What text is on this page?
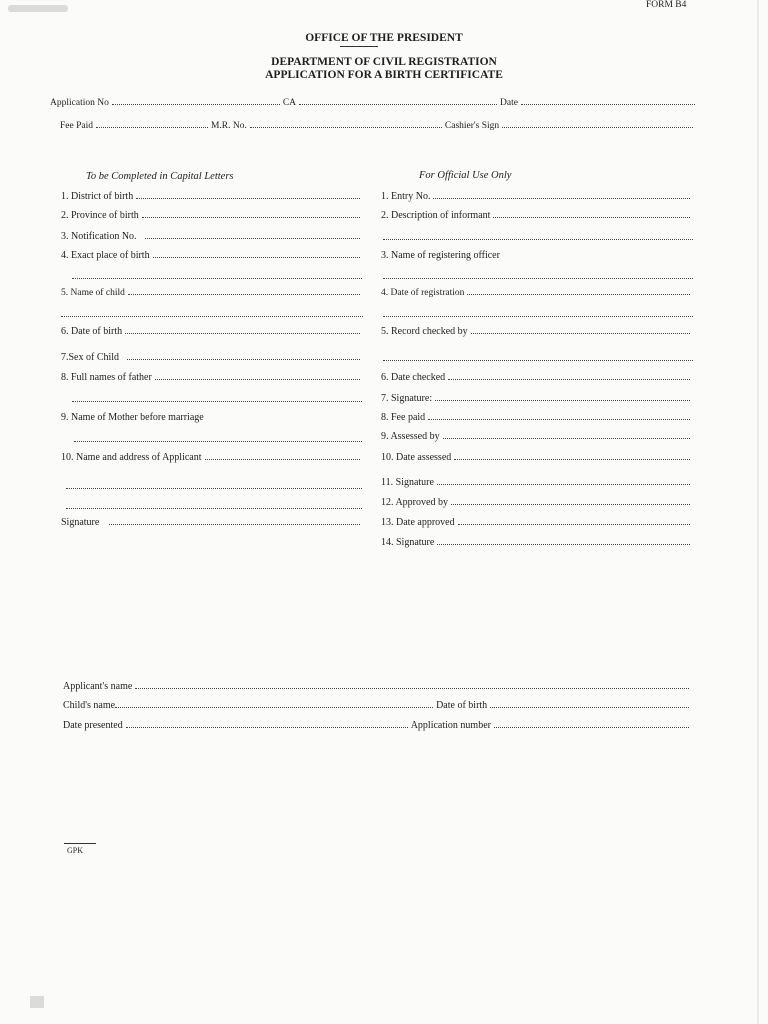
FORM B4
OFFICE OF THE PRESIDENT
DEPARTMENT OF CIVIL REGISTRATION
APPLICATION FOR A BIRTH CERTIFICATE
Application No	CA	Date
Fee Paid	M.R. No.	Cashier's Sign
To be Completed in Capital Letters	For Official Use Only
1. District of birth
2. Province of birth
3. Notification No.
4. Exact place of birth
5. Name of child
6. Date of birth
7.Sex of Child
8. Full names of father
9. Name of Mother before marriage
10. Name and address of Applicant
Signature
1. Entry No.
2. Description of informant
3. Name of registering officer
4. Date of registration
5. Record checked by
6. Date checked
7. Signature:
8. Fee paid
9. Assessed by
10. Date assessed
11. Signature
12. Approved by
13. Date approved
14. Signature
Applicant's name
Child's name	Date of birth
Date presented	Application number
GPK
